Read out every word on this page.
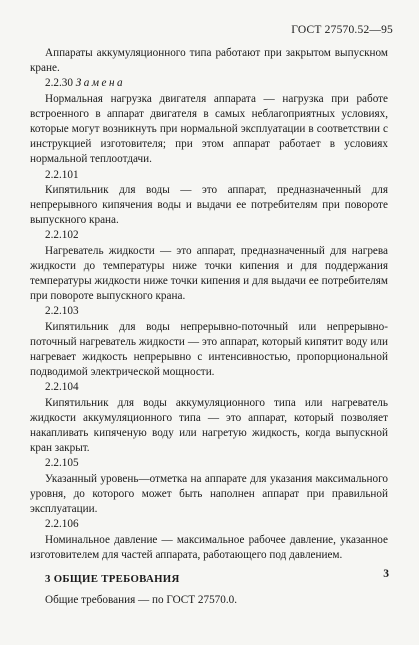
ГОСТ 27570.52—95

Аппараты аккумуляционного типа работают при закрытом выпускном кране.

2.2.30 Замена

Нормальная нагрузка двигателя аппарата — нагрузка при работе встроенного в аппарат двигателя в самых неблагоприятных условиях, которые могут возникнуть при нормальной эксплуатации в соответствии с инструкцией изготовителя; при этом аппарат работает в условиях нормальной теплоотдачи.

2.2.101

Кипятильник для воды — это аппарат, предназначенный для непрерывного кипячения воды и выдачи ее потребителям при повороте выпускного крана.

2.2.102

Нагреватель жидкости — это аппарат, предназначенный для нагрева жидкости до температуры ниже точки кипения и для поддержания температуры жидкости ниже точки кипения и для выдачи ее потребителям при повороте выпускного крана.

2.2.103

Кипятильник для воды непрерывно-поточный или непрерывно-поточный нагреватель жидкости — это аппарат, который кипятит воду или нагревает жидкость непрерывно с интенсивностью, пропорциональной подводимой электрической мощности.

2.2.104

Кипятильник для воды аккумуляционного типа или нагреватель жидкости аккумуляционного типа — это аппарат, который позволяет накапливать кипяченую воду или нагретую жидкость, когда выпускной кран закрыт.

2.2.105

Указанный уровень—отметка на аппарате для указания максимального уровня, до которого может быть наполнен аппарат при правильной эксплуатации.

2.2.106

Номинальное давление — максимальное рабочее давление, указанное изготовителем для частей аппарата, работающего под давлением.

3 ОБЩИЕ ТРЕБОВАНИЯ

Общие требования — по ГОСТ 27570.0.

3
